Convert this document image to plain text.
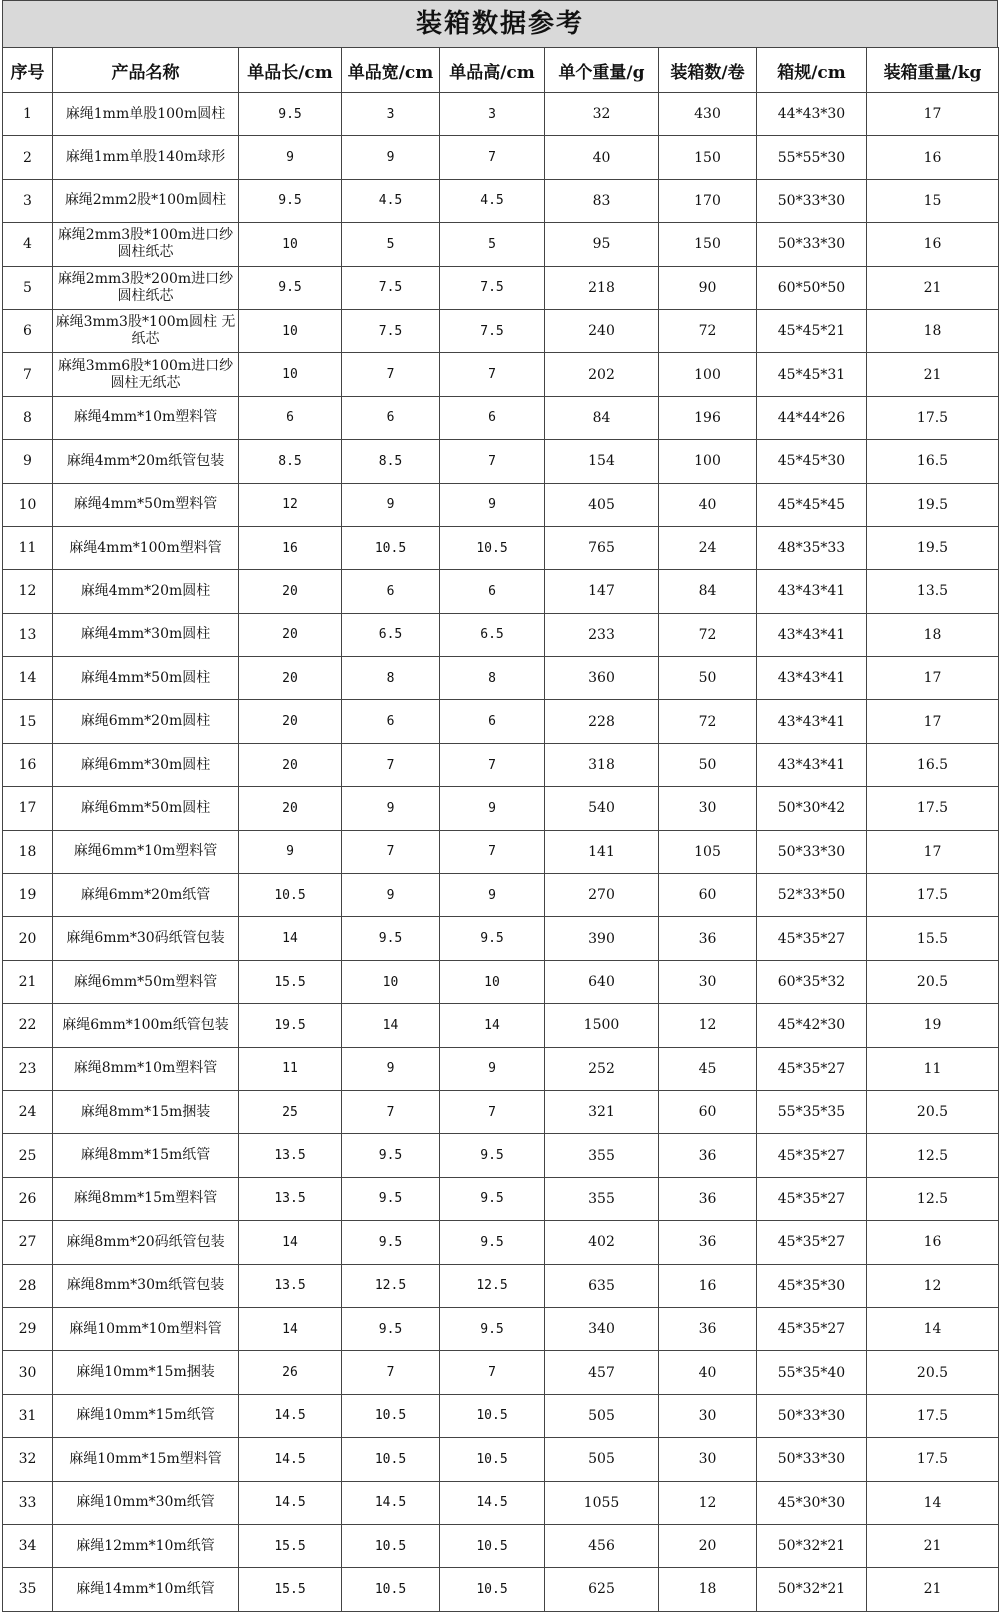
装箱数据参考
序号	产品名称	单品长/cm	单品宽/cm	单品高/cm	单个重量/g	装箱数/卷	箱规/cm	装箱重量/kg
1	麻绳1mm单股100m圆柱	9.5	3	3	32	430	44*43*30	17
2	麻绳1mm单股140m球形	9	9	7	40	150	55*55*30	16
3	麻绳2mm2股*100m圆柱	9.5	4.5	4.5	83	170	50*33*30	15
4	麻绳2mm3股*100m进口纱圆柱纸芯	10	5	5	95	150	50*33*30	16
5	麻绳2mm3股*200m进口纱圆柱纸芯	9.5	7.5	7.5	218	90	60*50*50	21
6	麻绳3mm3股*100m圆柱 无纸芯	10	7.5	7.5	240	72	45*45*21	18
7	麻绳3mm6股*100m进口纱圆柱无纸芯	10	7	7	202	100	45*45*31	21
8	麻绳4mm*10m塑料管	6	6	6	84	196	44*44*26	17.5
9	麻绳4mm*20m纸管包装	8.5	8.5	7	154	100	45*45*30	16.5
10	麻绳4mm*50m塑料管	12	9	9	405	40	45*45*45	19.5
11	麻绳4mm*100m塑料管	16	10.5	10.5	765	24	48*35*33	19.5
12	麻绳4mm*20m圆柱	20	6	6	147	84	43*43*41	13.5
13	麻绳4mm*30m圆柱	20	6.5	6.5	233	72	43*43*41	18
14	麻绳4mm*50m圆柱	20	8	8	360	50	43*43*41	17
15	麻绳6mm*20m圆柱	20	6	6	228	72	43*43*41	17
16	麻绳6mm*30m圆柱	20	7	7	318	50	43*43*41	16.5
17	麻绳6mm*50m圆柱	20	9	9	540	30	50*30*42	17.5
18	麻绳6mm*10m塑料管	9	7	7	141	105	50*33*30	17
19	麻绳6mm*20m纸管	10.5	9	9	270	60	52*33*50	17.5
20	麻绳6mm*30码纸管包装	14	9.5	9.5	390	36	45*35*27	15.5
21	麻绳6mm*50m塑料管	15.5	10	10	640	30	60*35*32	20.5
22	麻绳6mm*100m纸管包装	19.5	14	14	1500	12	45*42*30	19
23	麻绳8mm*10m塑料管	11	9	9	252	45	45*35*27	11
24	麻绳8mm*15m捆装	25	7	7	321	60	55*35*35	20.5
25	麻绳8mm*15m纸管	13.5	9.5	9.5	355	36	45*35*27	12.5
26	麻绳8mm*15m塑料管	13.5	9.5	9.5	355	36	45*35*27	12.5
27	麻绳8mm*20码纸管包装	14	9.5	9.5	402	36	45*35*27	16
28	麻绳8mm*30m纸管包装	13.5	12.5	12.5	635	16	45*35*30	12
29	麻绳10mm*10m塑料管	14	9.5	9.5	340	36	45*35*27	14
30	麻绳10mm*15m捆装	26	7	7	457	40	55*35*40	20.5
31	麻绳10mm*15m纸管	14.5	10.5	10.5	505	30	50*33*30	17.5
32	麻绳10mm*15m塑料管	14.5	10.5	10.5	505	30	50*33*30	17.5
33	麻绳10mm*30m纸管	14.5	14.5	14.5	1055	12	45*30*30	14
34	麻绳12mm*10m纸管	15.5	10.5	10.5	456	20	50*32*21	21
35	麻绳14mm*10m纸管	15.5	10.5	10.5	625	18	50*32*21	21
